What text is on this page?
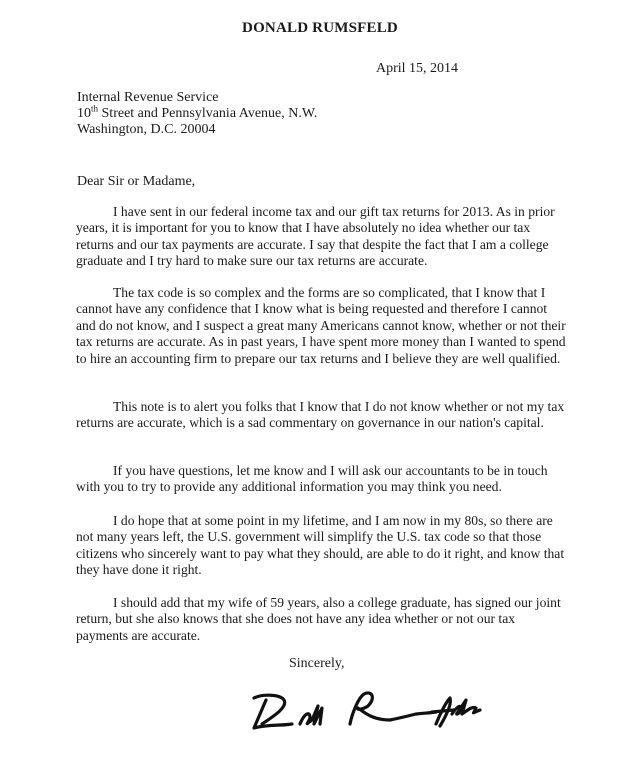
DONALD RUMSFELD
April 15, 2014
Internal Revenue Service
10th Street and Pennsylvania Avenue, N.W.
Washington, D.C. 20004
Dear Sir or Madame,

I have sent in our federal income tax and our gift tax returns for 2013. As in prior years, it is important for you to know that I have absolutely no idea whether our tax returns and our tax payments are accurate. I say that despite the fact that I am a college graduate and I try hard to make sure our tax returns are accurate.

The tax code is so complex and the forms are so complicated, that I know that I cannot have any confidence that I know what is being requested and therefore I cannot and do not know, and I suspect a great many Americans cannot know, whether or not their tax returns are accurate. As in past years, I have spent more money than I wanted to spend to hire an accounting firm to prepare our tax returns and I believe they are well qualified.

This note is to alert you folks that I know that I do not know whether or not my tax returns are accurate, which is a sad commentary on governance in our nation's capital.

If you have questions, let me know and I will ask our accountants to be in touch with you to try to provide any additional information you may think you need.

I do hope that at some point in my lifetime, and I am now in my 80s, so there are not many years left, the U.S. government will simplify the U.S. tax code so that those citizens who sincerely want to pay what they should, are able to do it right, and know that they have done it right.

I should add that my wife of 59 years, also a college graduate, has signed our joint return, but she also knows that she does not have any idea whether or not our tax payments are accurate.

Sincerely,
